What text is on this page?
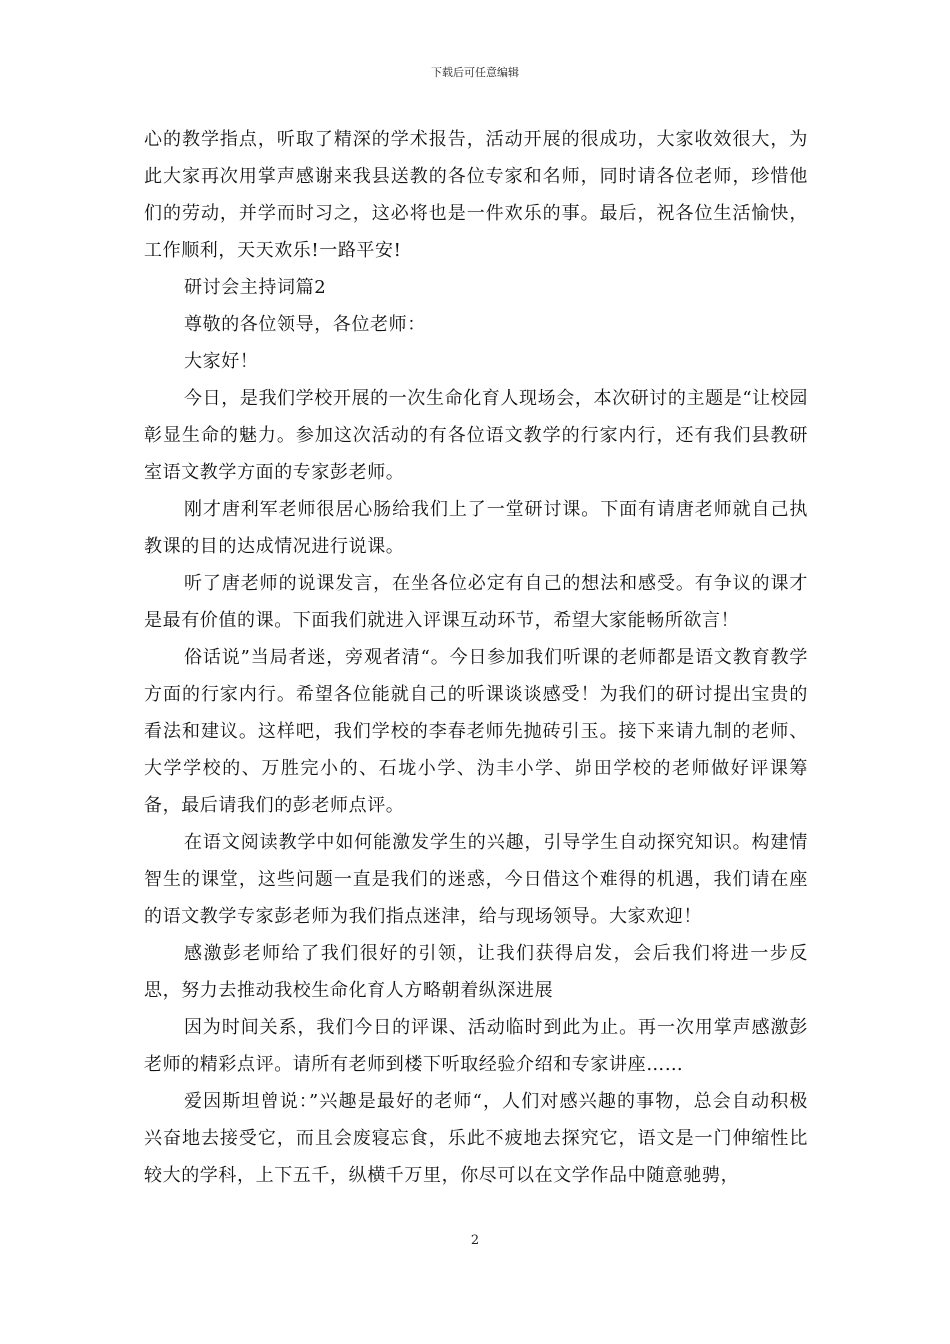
下载后可任意编辑

心的教学指点，听取了精深的学术报告，活动开展的很成功，大家收效很大，为此大家再次用掌声感谢来我县送教的各位专家和名师，同时请各位老师，珍惜他们的劳动，并学而时习之，这必将也是一件欢乐的事。最后，祝各位生活愉快，工作顺利，天天欢乐!一路平安!

研讨会主持词篇2

尊敬的各位领导，各位老师：

大家好！

今日，是我们学校开展的一次生命化育人现场会，本次研讨的主题是“让校园彰显生命的魅力。参加这次活动的有各位语文教学的行家内行，还有我们县教研室语文教学方面的专家彭老师。

刚才唐利军老师很居心肠给我们上了一堂研讨课。下面有请唐老师就自己执教课的目的达成情况进行说课。

听了唐老师的说课发言，在坐各位必定有自己的想法和感受。有争议的课才是最有价值的课。下面我们就进入评课互动环节，希望大家能畅所欲言！

俗话说”当局者迷，旁观者清“。今日参加我们听课的老师都是语文教育教学方面的行家内行。希望各位能就自己的听课谈谈感受！为我们的研讨提出宝贵的看法和建议。这样吧，我们学校的李春老师先抛砖引玉。接下来请九制的老师、大学学校的、万胜完小的、石垅小学、沩丰小学、峁田学校的老师做好评课筹备，最后请我们的彭老师点评。

在语文阅读教学中如何能激发学生的兴趣，引导学生自动探究知识。构建情智生的课堂，这些问题一直是我们的迷惑，今日借这个难得的机遇，我们请在座的语文教学专家彭老师为我们指点迷津，给与现场领导。大家欢迎！

感激彭老师给了我们很好的引领，让我们获得启发，会后我们将进一步反思，努力去推动我校生命化育人方略朝着纵深进展

因为时间关系，我们今日的评课、活动临时到此为止。再一次用掌声感激彭老师的精彩点评。请所有老师到楼下听取经验介绍和专家讲座……

爱因斯坦曾说：”兴趣是最好的老师“，人们对感兴趣的事物，总会自动积极兴奋地去接受它，而且会废寝忘食，乐此不疲地去探究它，语文是一门伸缩性比较大的学科，上下五千，纵横千万里，你尽可以在文学作品中随意驰骋，

2
